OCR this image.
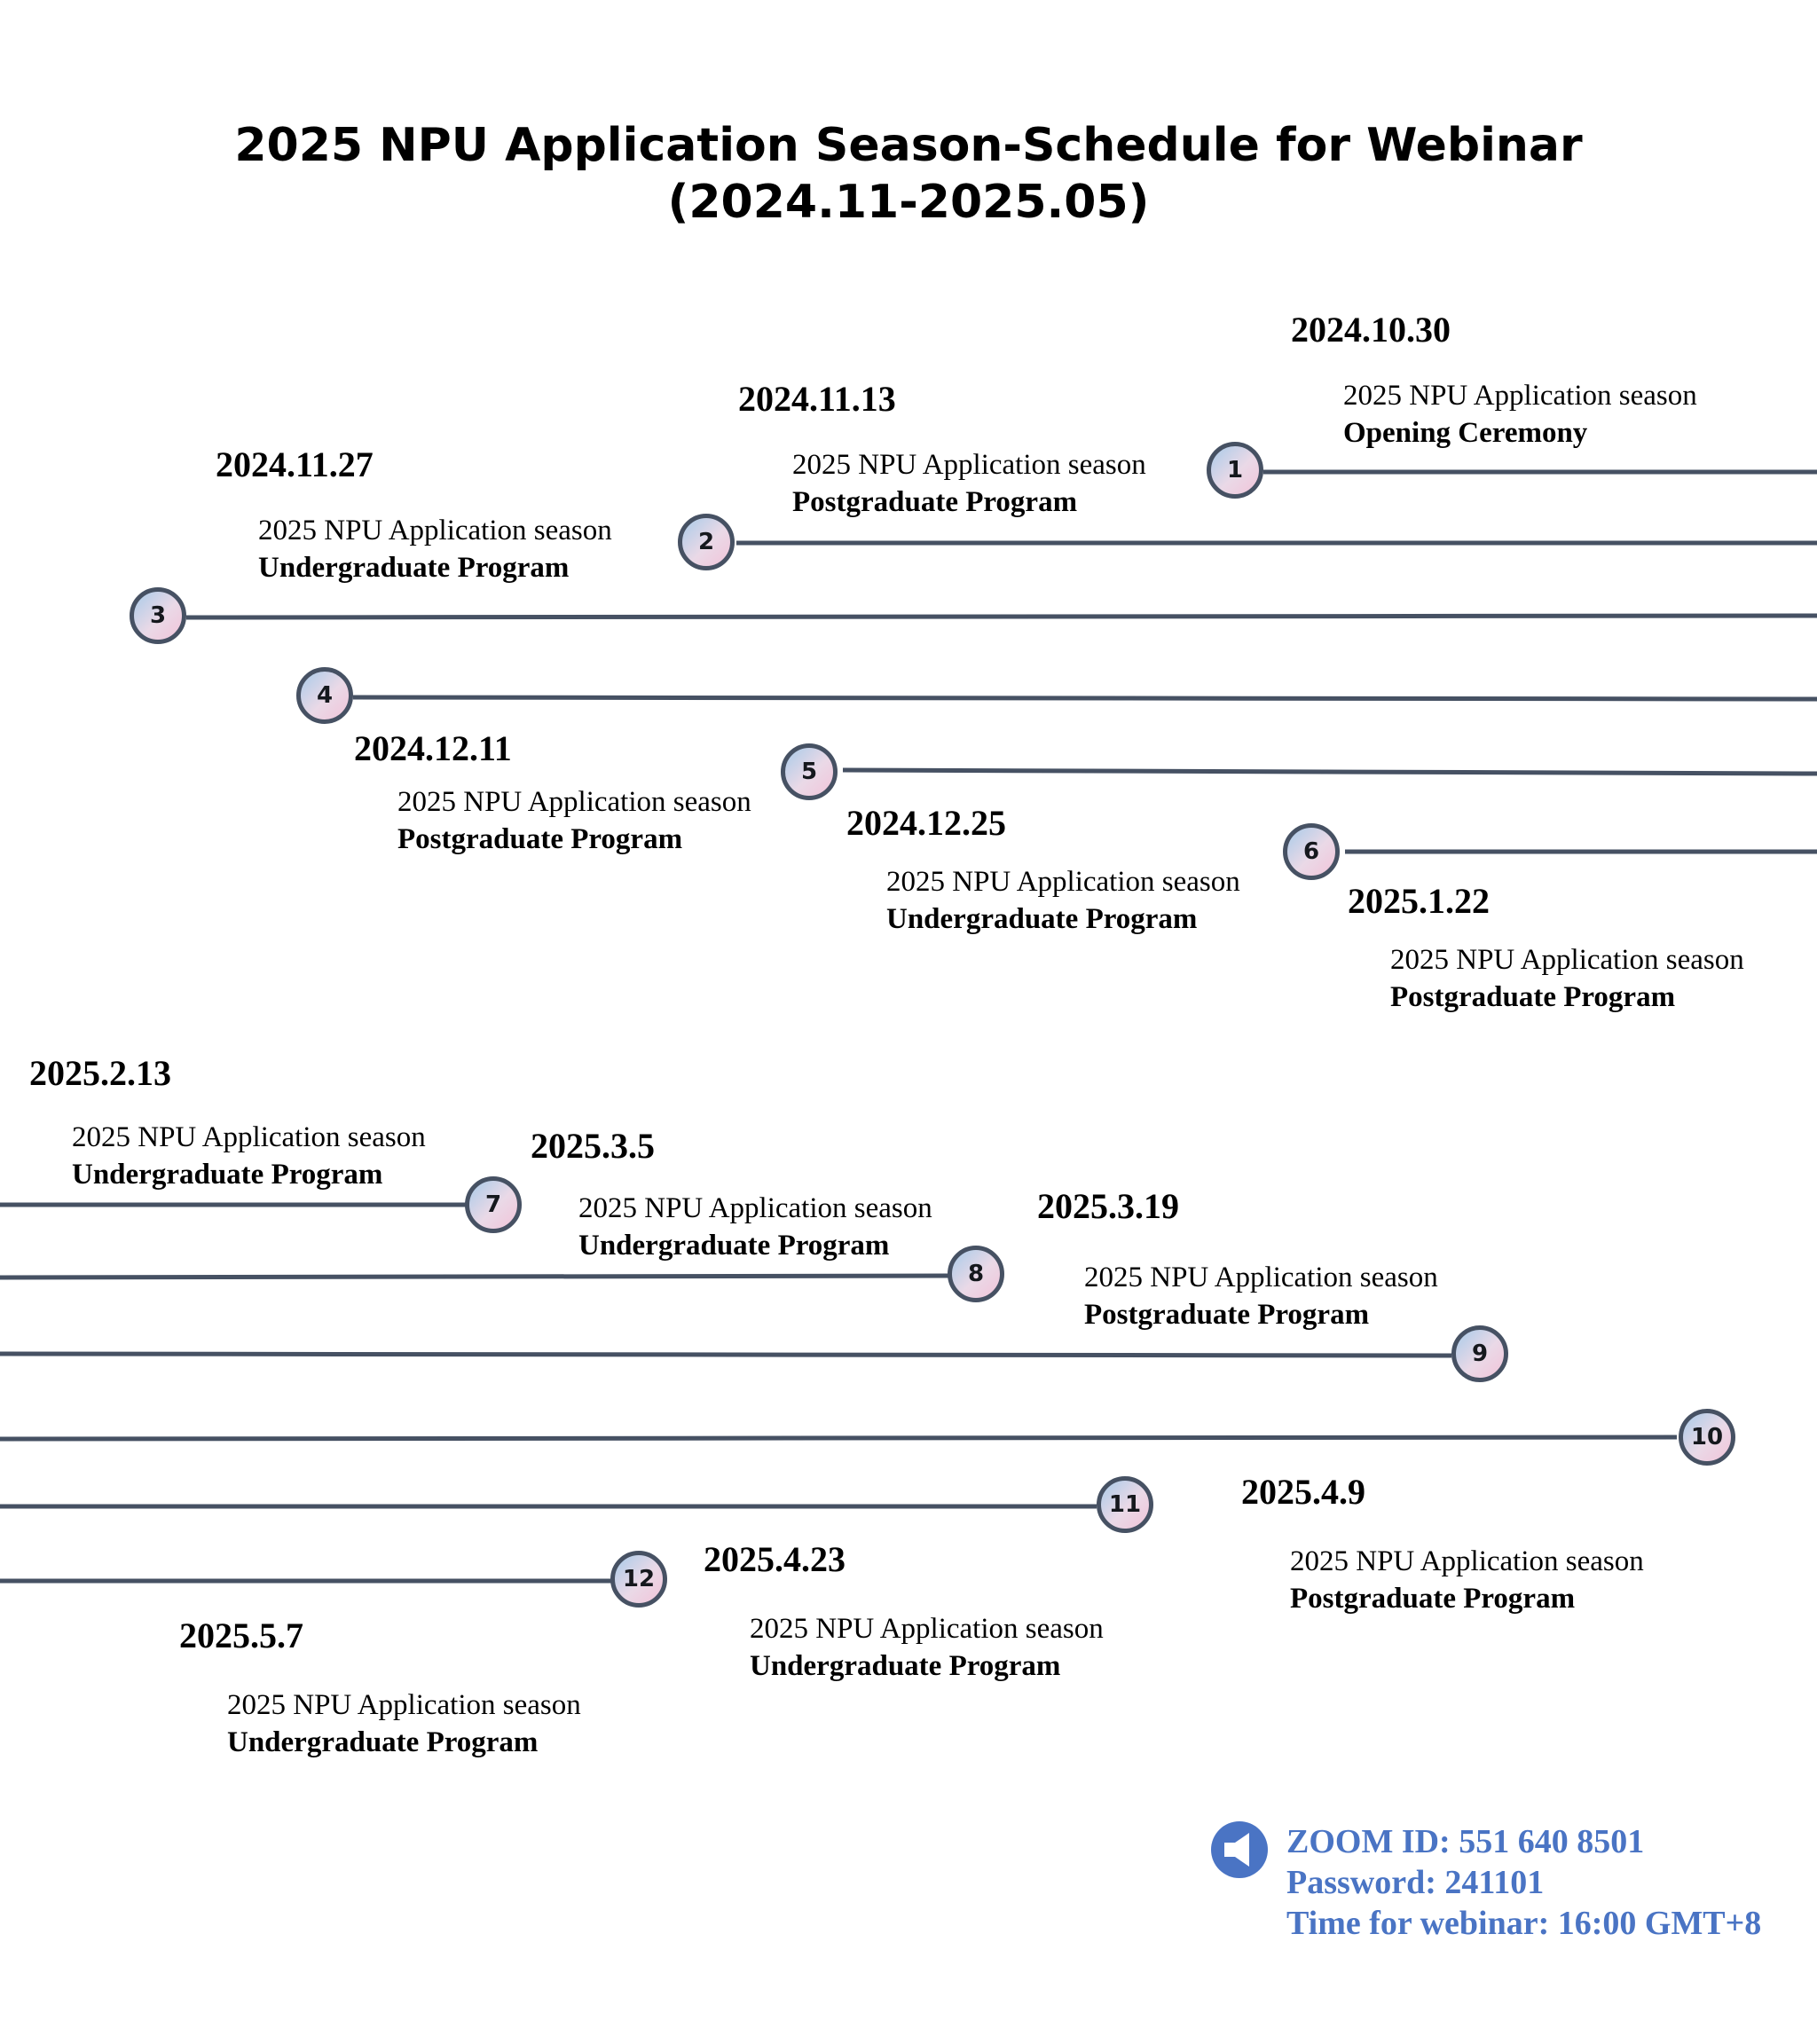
2025 NPU Application Season-Schedule for Webinar
(2024.11-2025.05)
1
2
3
4
5
6
7
8
9
10
11
12
2024.10.30
2025 NPU Application season
Opening Ceremony
2024.11.13
2025 NPU Application season
Postgraduate Program
2024.11.27
2025 NPU Application season
Undergraduate Program
2024.12.11
2025 NPU Application season
Postgraduate Program	2024.12.25
2025 NPU Application season
Undergraduate Program	2025.1.22
2025 NPU Application season
Postgraduate Program
2025.2.13
2025 NPU Application season
Undergraduate Program
2025.3.5
2025 NPU Application season
Undergraduate Program
2025.3.19
2025 NPU Application season
Postgraduate Program
2025.4.9
2025 NPU Application season
Postgraduate Program
2025.4.23
2025 NPU Application season
Undergraduate Program
2025.5.7
2025 NPU Application season
Undergraduate Program
ZOOM ID: 551 640 8501
Password: 241101
Time for webinar: 16:00 GMT+8
